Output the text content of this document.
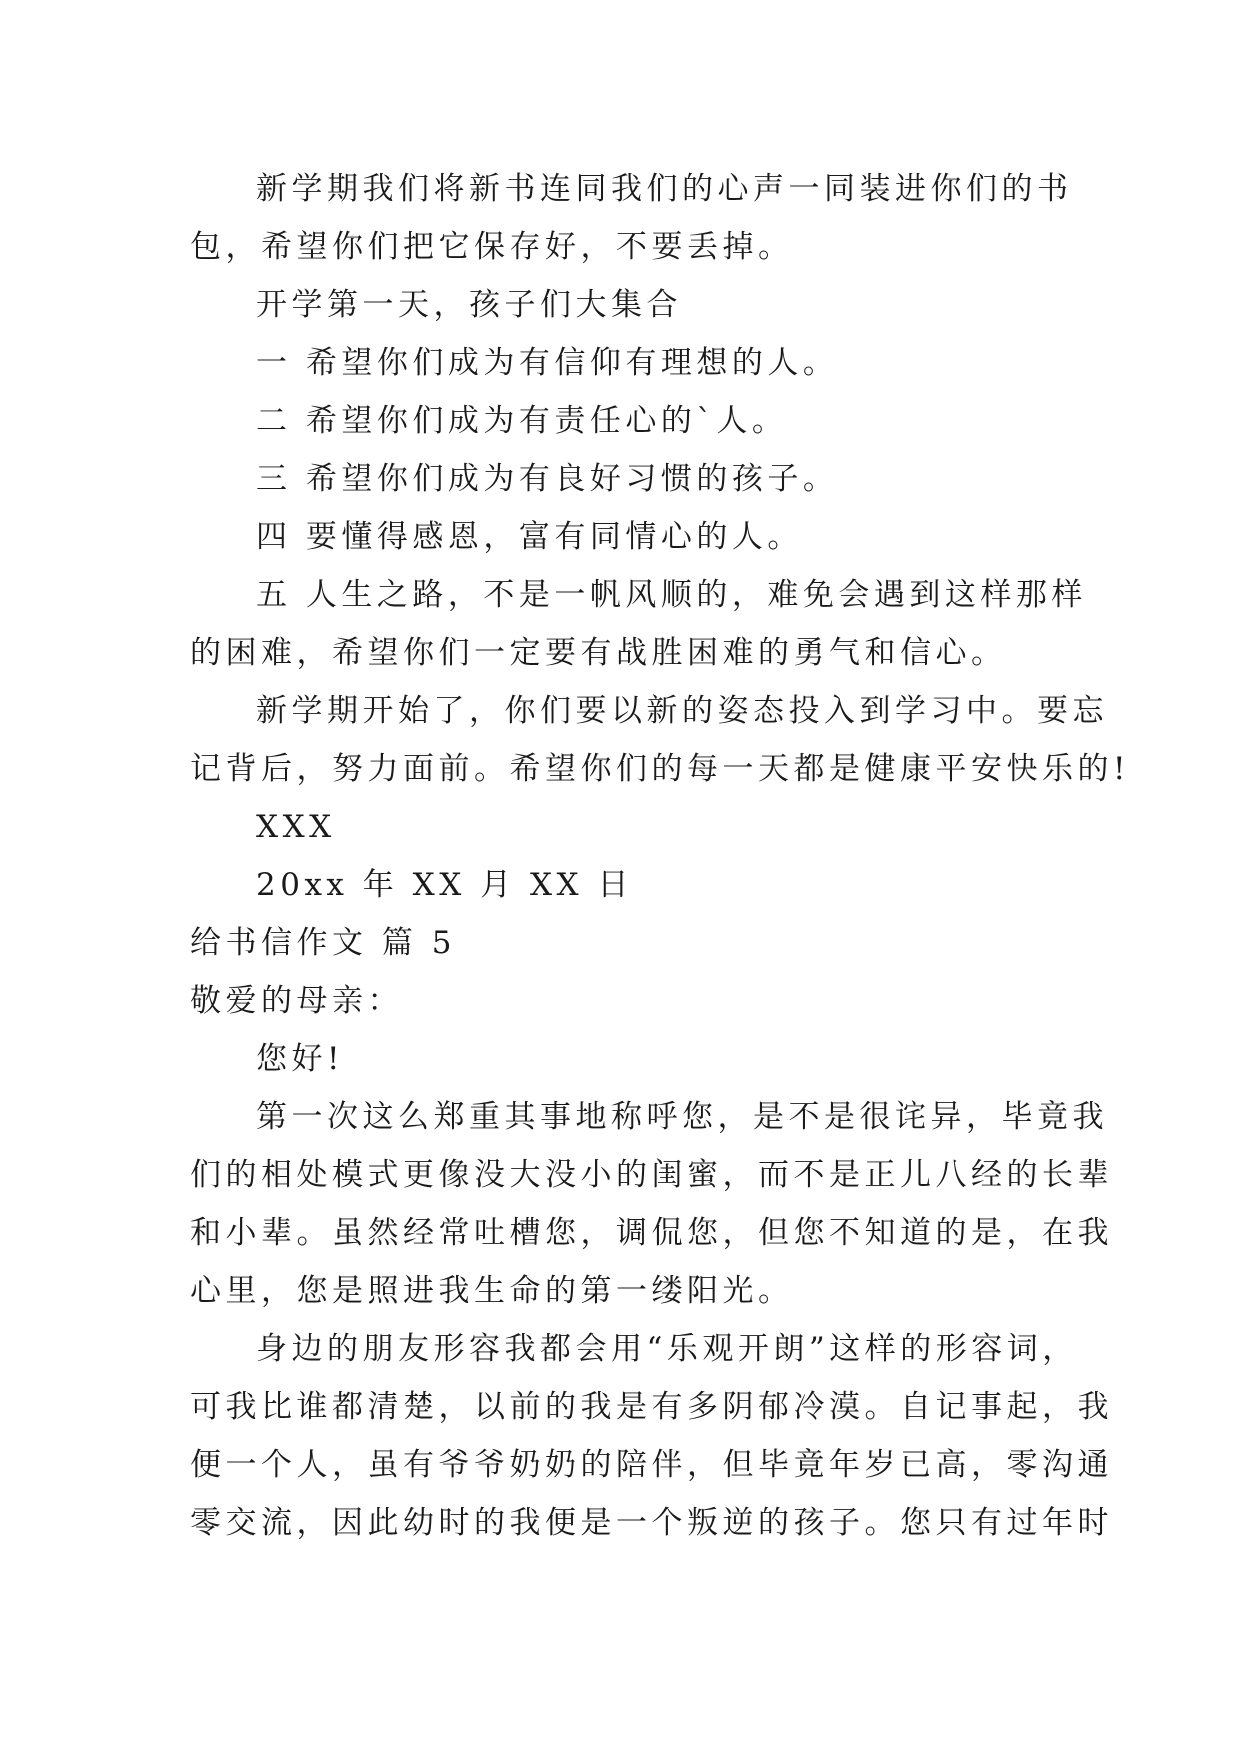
新学期我们将新书连同我们的心声一同装进你们的书
包，希望你们把它保存好，不要丢掉。
开学第一天，孩子们大集合
一 希望你们成为有信仰有理想的人。
二 希望你们成为有责任心的`人。
三 希望你们成为有良好习惯的孩子。
四 要懂得感恩，富有同情心的人。
五 人生之路，不是一帆风顺的，难免会遇到这样那样
的困难，希望你们一定要有战胜困难的勇气和信心。
新学期开始了，你们要以新的姿态投入到学习中。要忘
记背后，努力面前。希望你们的每一天都是健康平安快乐的!
XXX
20xx 年 XX 月 XX 日
给书信作文 篇 5
敬爱的母亲：
您好!
第一次这么郑重其事地称呼您，是不是很诧异，毕竟我
们的相处模式更像没大没小的闺蜜，而不是正儿八经的长辈
和小辈。虽然经常吐槽您，调侃您，但您不知道的是，在我
心里，您是照进我生命的第一缕阳光。
身边的朋友形容我都会用“乐观开朗”这样的形容词，
可我比谁都清楚，以前的我是有多阴郁冷漠。自记事起，我
便一个人，虽有爷爷奶奶的陪伴，但毕竟年岁已高，零沟通
零交流，因此幼时的我便是一个叛逆的孩子。您只有过年时
